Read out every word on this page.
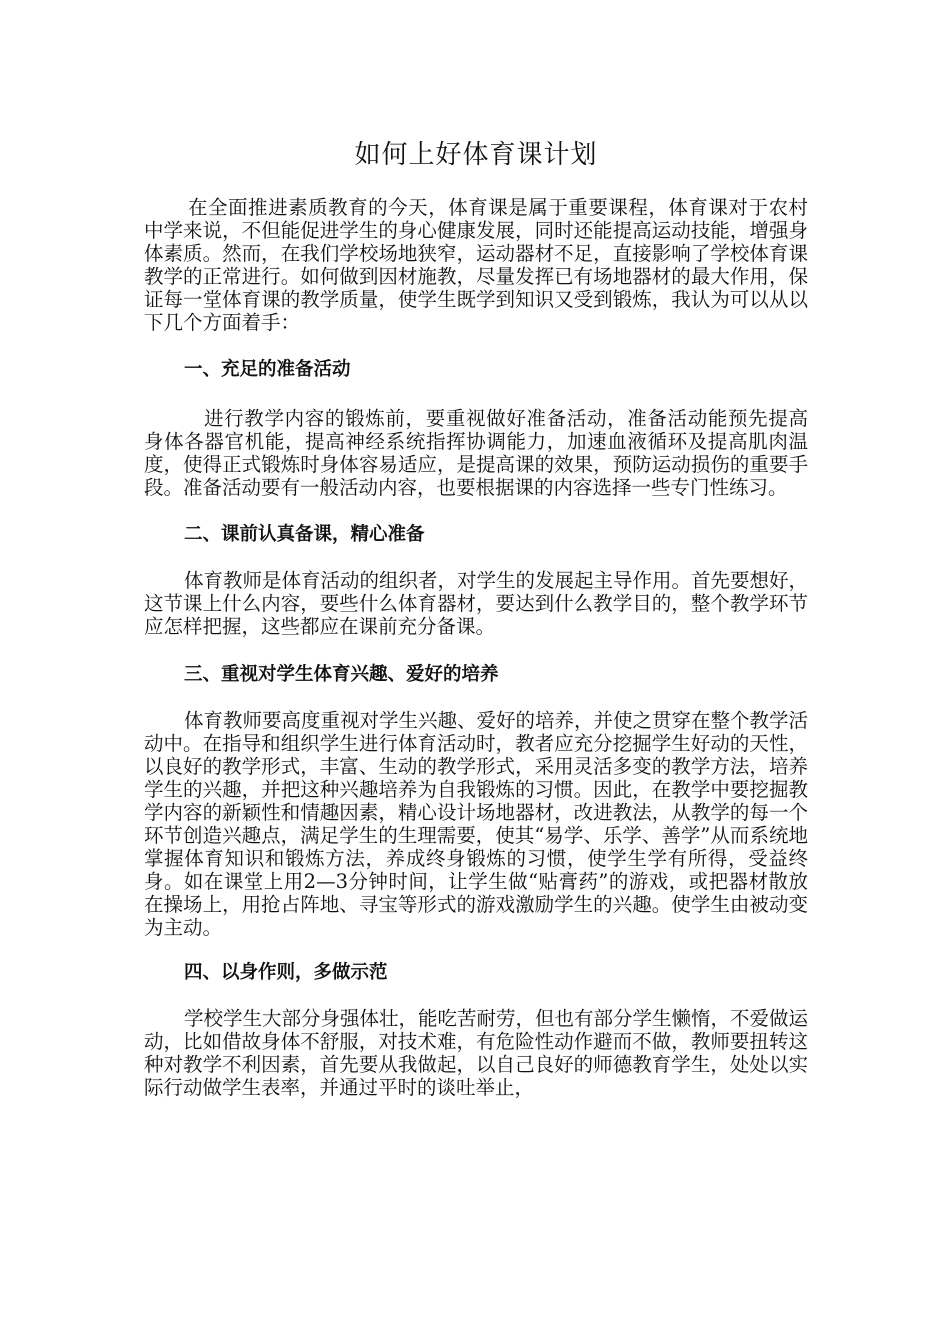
如何上好体育课计划

在全面推进素质教育的今天，体育课是属于重要课程，体育课对于农村中学来说，不但能促进学生的身心健康发展，同时还能提高运动技能，增强身体素质。然而，在我们学校场地狭窄，运动器材不足，直接影响了学校体育课教学的正常进行。如何做到因材施教，尽量发挥已有场地器材的最大作用，保证每一堂体育课的教学质量，使学生既学到知识又受到锻炼，我认为可以从以下几个方面着手：

一、充足的准备活动

进行教学内容的锻炼前，要重视做好准备活动，准备活动能预先提高身体各器官机能，提高神经系统指挥协调能力，加速血液循环及提高肌肉温度，使得正式锻炼时身体容易适应，是提高课的效果，预防运动损伤的重要手段。准备活动要有一般活动内容，也要根据课的内容选择一些专门性练习。

二、课前认真备课，精心准备

体育教师是体育活动的组织者，对学生的发展起主导作用。首先要想好，这节课上什么内容，要些什么体育器材，要达到什么教学目的，整个教学环节应怎样把握，这些都应在课前充分备课。

三、重视对学生体育兴趣、爱好的培养

体育教师要高度重视对学生兴趣、爱好的培养，并使之贯穿在整个教学活动中。在指导和组织学生进行体育活动时，教者应充分挖掘学生好动的天性，以良好的教学形式，丰富、生动的教学形式，采用灵活多变的教学方法，培养学生的兴趣，并把这种兴趣培养为自我锻炼的习惯。因此，在教学中要挖掘教学内容的新颖性和情趣因素，精心设计场地器材，改进教法，从教学的每一个环节创造兴趣点，满足学生的生理需要，使其“易学、乐学、善学”从而系统地掌握体育知识和锻炼方法，养成终身锻炼的习惯，使学生学有所得，受益终身。如在课堂上用2—3分钟时间，让学生做“贴膏药”的游戏，或把器材散放在操场上，用抢占阵地、寻宝等形式的游戏激励学生的兴趣。使学生由被动变为主动。

四、以身作则，多做示范

学校学生大部分身强体壮，能吃苦耐劳，但也有部分学生懒惰，不爱做运动，比如借故身体不舒服，对技术难，有危险性动作避而不做，教师要扭转这种对教学不利因素，首先要从我做起，以自己良好的师德教育学生，处处以实际行动做学生表率，并通过平时的谈吐举止，
